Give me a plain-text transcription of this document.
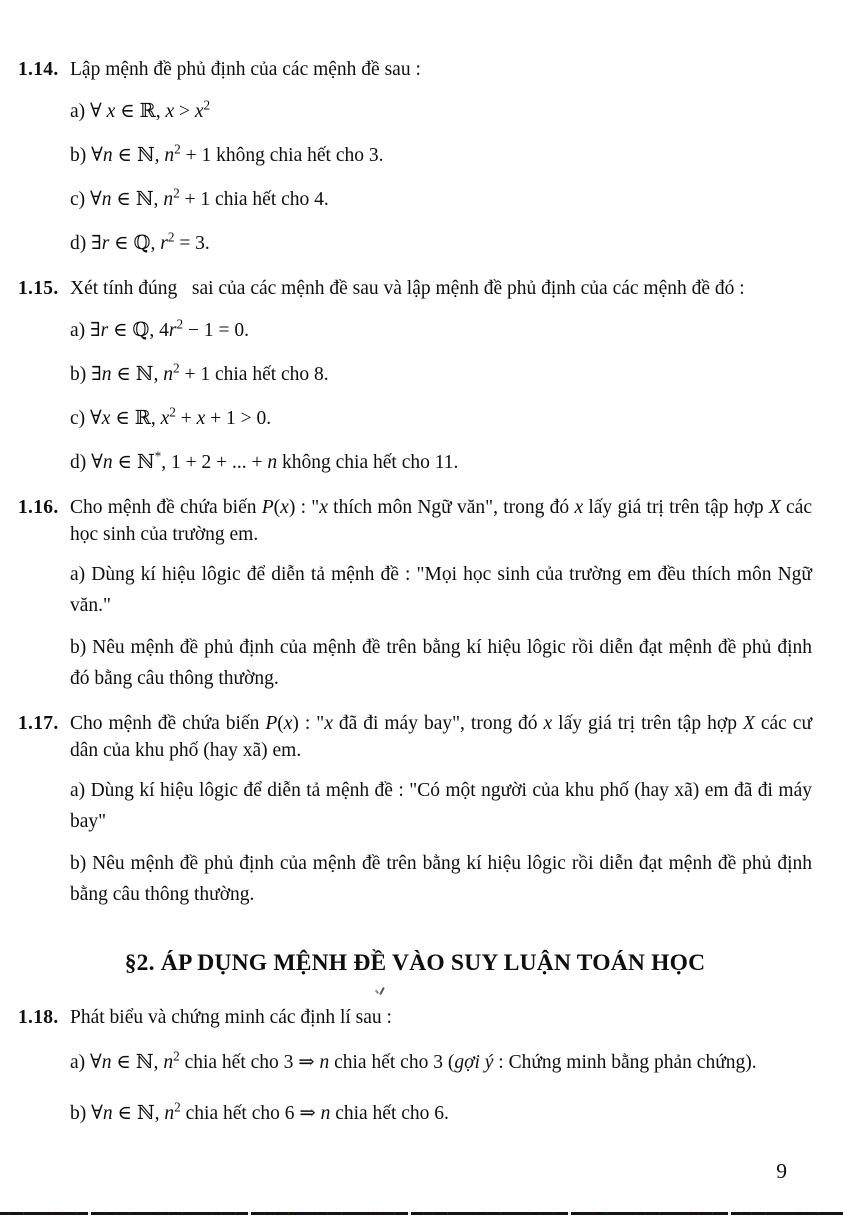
1.14. Lập mệnh đề phủ định của các mệnh đề sau :

a) ∀ x ∈ ℝ, $x > x^2$

b) ∀n ∈ ℕ, $n^2 + 1$ không chia hết cho 3.

c) ∀n ∈ ℕ, $n^2 + 1$ chia hết cho 4.

d) ∃r ∈ ℚ, $r^2 = 3$.

1.15. Xét tính đúng  sai của các mệnh đề sau và lập mệnh đề phủ định của các mệnh đề đó :

a) ∃r ∈ ℚ, $4r^2 - 1 = 0$.

b) ∃n ∈ ℕ, $n^2 + 1$ chia hết cho 8.

c) ∀x ∈ ℝ, $x^2 + x + 1 > 0$.

d) ∀n ∈ ℕ*, 1 + 2 + ... + n không chia hết cho 11.

1.16. Cho mệnh đề chứa biến P(x) : "x thích môn Ngữ văn", trong đó x lấy giá trị trên tập hợp X các học sinh của trường em.

a) Dùng kí hiệu lôgic để diễn tả mệnh đề : "Mọi học sinh của trường em đều thích môn Ngữ văn."

b) Nêu mệnh đề phủ định của mệnh đề trên bằng kí hiệu lôgic rồi diễn đạt mệnh đề phủ định đó bằng câu thông thường.

1.17. Cho mệnh đề chứa biến P(x) : "x đã đi máy bay", trong đó x lấy giá trị trên tập hợp X các cư dân của khu phố (hay xã) em.

a) Dùng kí hiệu lôgic để diễn tả mệnh đề : "Có một người của khu phố (hay xã) em đã đi máy bay"

b) Nêu mệnh đề phủ định của mệnh đề trên bằng kí hiệu lôgic rồi diễn đạt mệnh đề phủ định bằng câu thông thường.

§2. ÁP DỤNG MỆNH ĐỀ VÀO SUY LUẬN TOÁN HỌC

1.18. Phát biểu và chứng minh các định lí sau :

a) ∀n ∈ ℕ, $n^2$ chia hết cho 3 ⇒ n chia hết cho 3 (gợi ý : Chứng minh bằng phản chứng).

b) ∀n ∈ ℕ, $n^2$ chia hết cho 6 ⇒ n chia hết cho 6.

9
